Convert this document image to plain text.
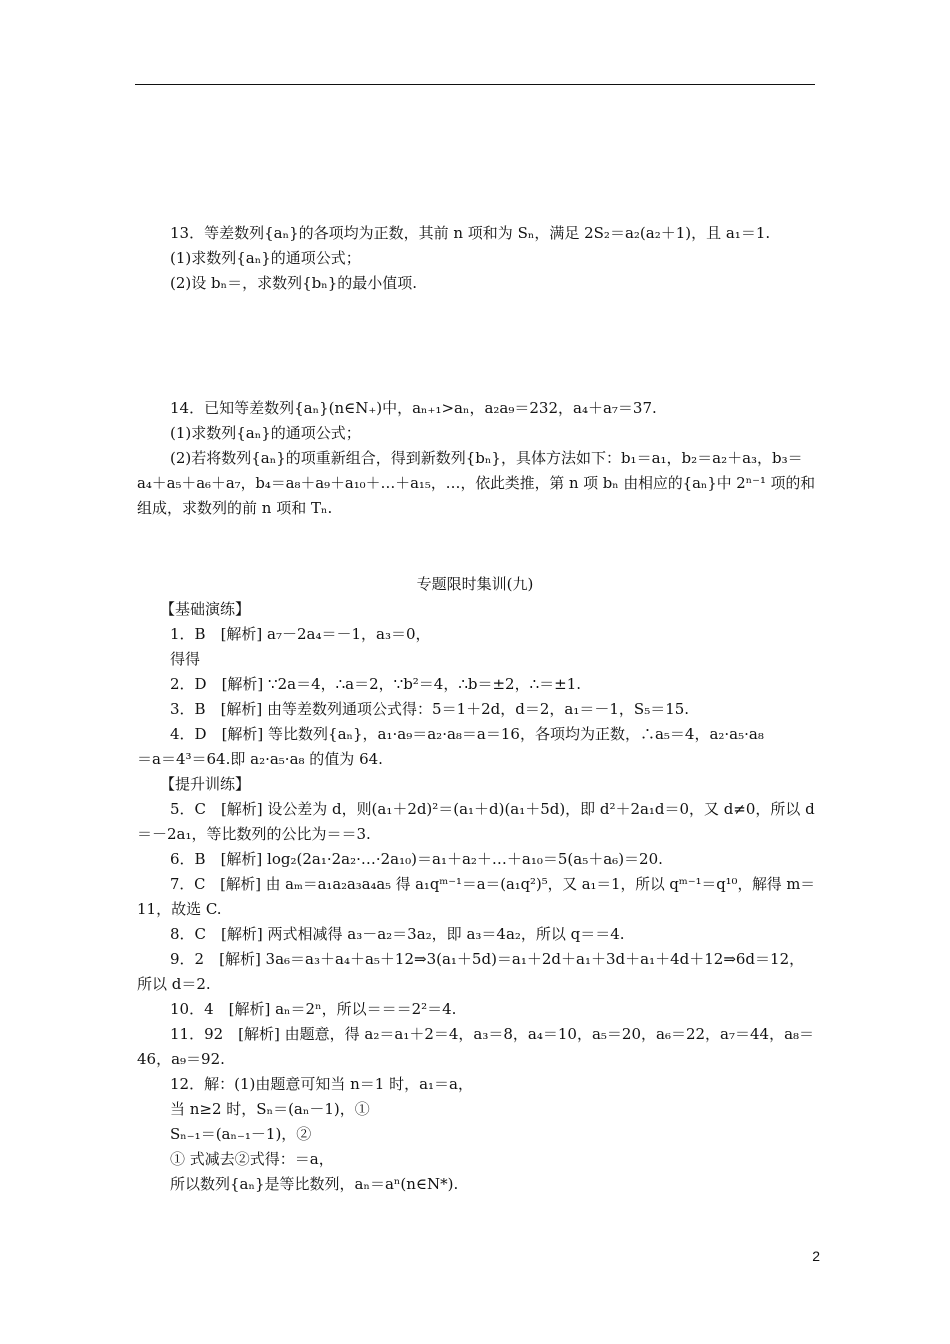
13．等差数列{aₙ}的各项均为正数，其前 n 项和为 Sₙ，满足 2S₂＝a₂(a₂＋1)，且 a₁＝1.
(1)求数列{aₙ}的通项公式；
(2)设 bₙ＝，求数列{bₙ}的最小值项.
14．已知等差数列{aₙ}(n∈N₊)中，aₙ₊₁>aₙ，a₂a₉＝232，a₄＋a₇＝37.
(1)求数列{aₙ}的通项公式；
(2)若将数列{aₙ}的项重新组合，得到新数列{bₙ}，具体方法如下：b₁＝a₁，b₂＝a₂＋a₃，b₃＝
a₄＋a₅＋a₆＋a₇，b₄＝a₈＋a₉＋a₁₀＋…＋a₁₅，…，依此类推，第 n 项 bₙ 由相应的{aₙ}中 2ⁿ⁻¹ 项的和
组成，求数列的前 n 项和 Tₙ.
专题限时集训(九)
【基础演练】
1．B　[解析] a₇－2a₄＝－1，a₃＝0，
得得
2．D　[解析] ∵2a＝4，∴a＝2，∵b²＝4，∴b＝±2，∴＝±1.
3．B　[解析] 由等差数列通项公式得：5＝1＋2d，d＝2，a₁＝－1，S₅＝15.
4．D　[解析] 等比数列{aₙ}，a₁·a₉＝a₂·a₈＝a＝16，各项均为正数，∴a₅＝4，a₂·a₅·a₈
＝a＝4³＝64.即 a₂·a₅·a₈ 的值为 64.
【提升训练】
5．C　[解析] 设公差为 d，则(a₁＋2d)²＝(a₁＋d)(a₁＋5d)，即 d²＋2a₁d＝0，又 d≠0，所以 d
＝－2a₁，等比数列的公比为＝＝3.
6．B　[解析] log₂(2a₁·2a₂·…·2a₁₀)＝a₁＋a₂＋…＋a₁₀＝5(a₅＋a₆)＝20.
7．C　[解析] 由 aₘ＝a₁a₂a₃a₄a₅ 得 a₁qᵐ⁻¹＝a＝(a₁q²)⁵，又 a₁＝1，所以 qᵐ⁻¹＝q¹⁰，解得 m＝
11，故选 C.
8．C　[解析] 两式相减得 a₃－a₂＝3a₂，即 a₃＝4a₂，所以 q＝＝4.
9．2　[解析] 3a₆＝a₃＋a₄＋a₅＋12⇒3(a₁＋5d)＝a₁＋2d＋a₁＋3d＋a₁＋4d＋12⇒6d＝12，
所以 d＝2.
10．4　[解析] aₙ＝2ⁿ，所以＝＝＝2²＝4.
11．92　[解析] 由题意，得 a₂＝a₁＋2＝4，a₃＝8，a₄＝10，a₅＝20，a₆＝22，a₇＝44，a₈＝
46，a₉＝92.
12．解：(1)由题意可知当 n＝1 时，a₁＝a，
当 n≥2 时，Sₙ＝(aₙ－1)，①
Sₙ₋₁＝(aₙ₋₁－1)，②
① 式减去②式得：＝a，
所以数列{aₙ}是等比数列，aₙ＝aⁿ(n∈N*).
2
